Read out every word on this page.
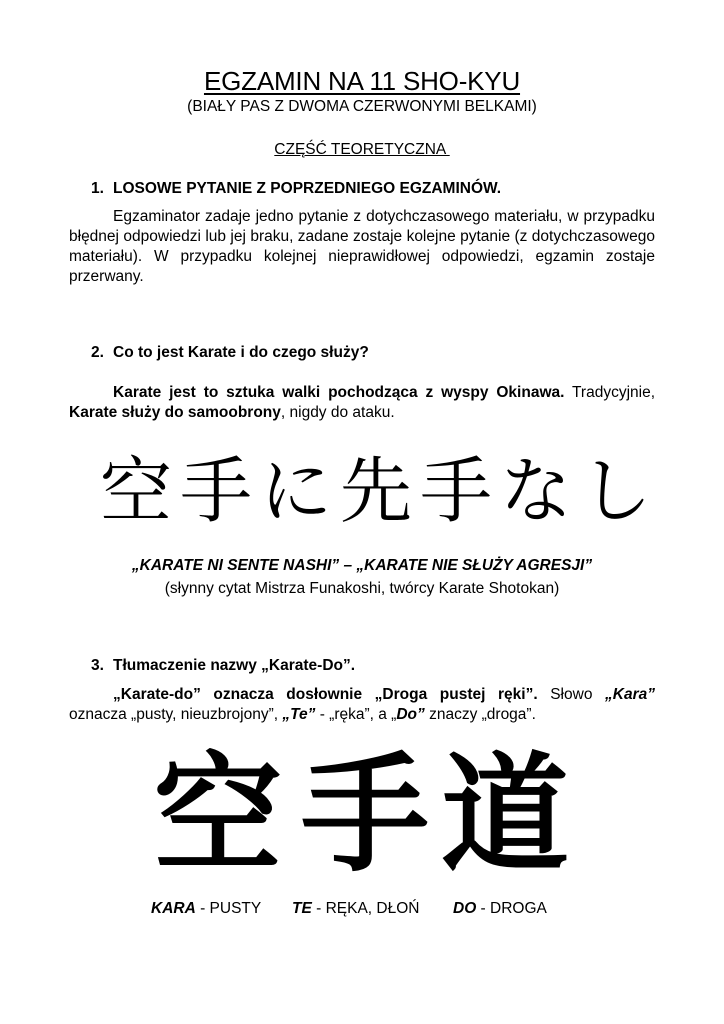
EGZAMIN NA 11 SHO-KYU
(BIAŁY PAS Z DWOMA CZERWONYMI BELKAMI)
CZĘŚĆ TEORETYCZNA
1. LOSOWE PYTANIE Z POPRZEDNIEGO EGZAMINÓW.
Egzaminator zadaje jedno pytanie z dotychczasowego materiału, w przypadku błędnej odpowiedzi lub jej braku, zadane zostaje kolejne pytanie (z dotychczasowego materiału). W przypadku kolejnej nieprawidłowej odpowiedzi, egzamin zostaje przerwany.
2. Co to jest Karate i do czego służy?
Karate jest to sztuka walki pochodząca z wyspy Okinawa. Tradycyjnie, Karate służy do samoobrony, nigdy do ataku.
空手に先手なし
„KARATE NI SENTE NASHI” – „KARATE NIE SŁUŻY AGRESJI”
(słynny cytat Mistrza Funakoshi, twórcy Karate Shotokan)
3. Tłumaczenie nazwy „Karate-Do”.
„Karate-do” oznacza dosłownie „Droga pustej ręki”. Słowo „Kara” oznacza „pusty, nieuzbrojony”, „Te” - „ręka”, a „Do” znaczy „droga”.
空 手 道
KARA - PUSTY TE - RĘKA, DŁOŃ DO - DROGA
